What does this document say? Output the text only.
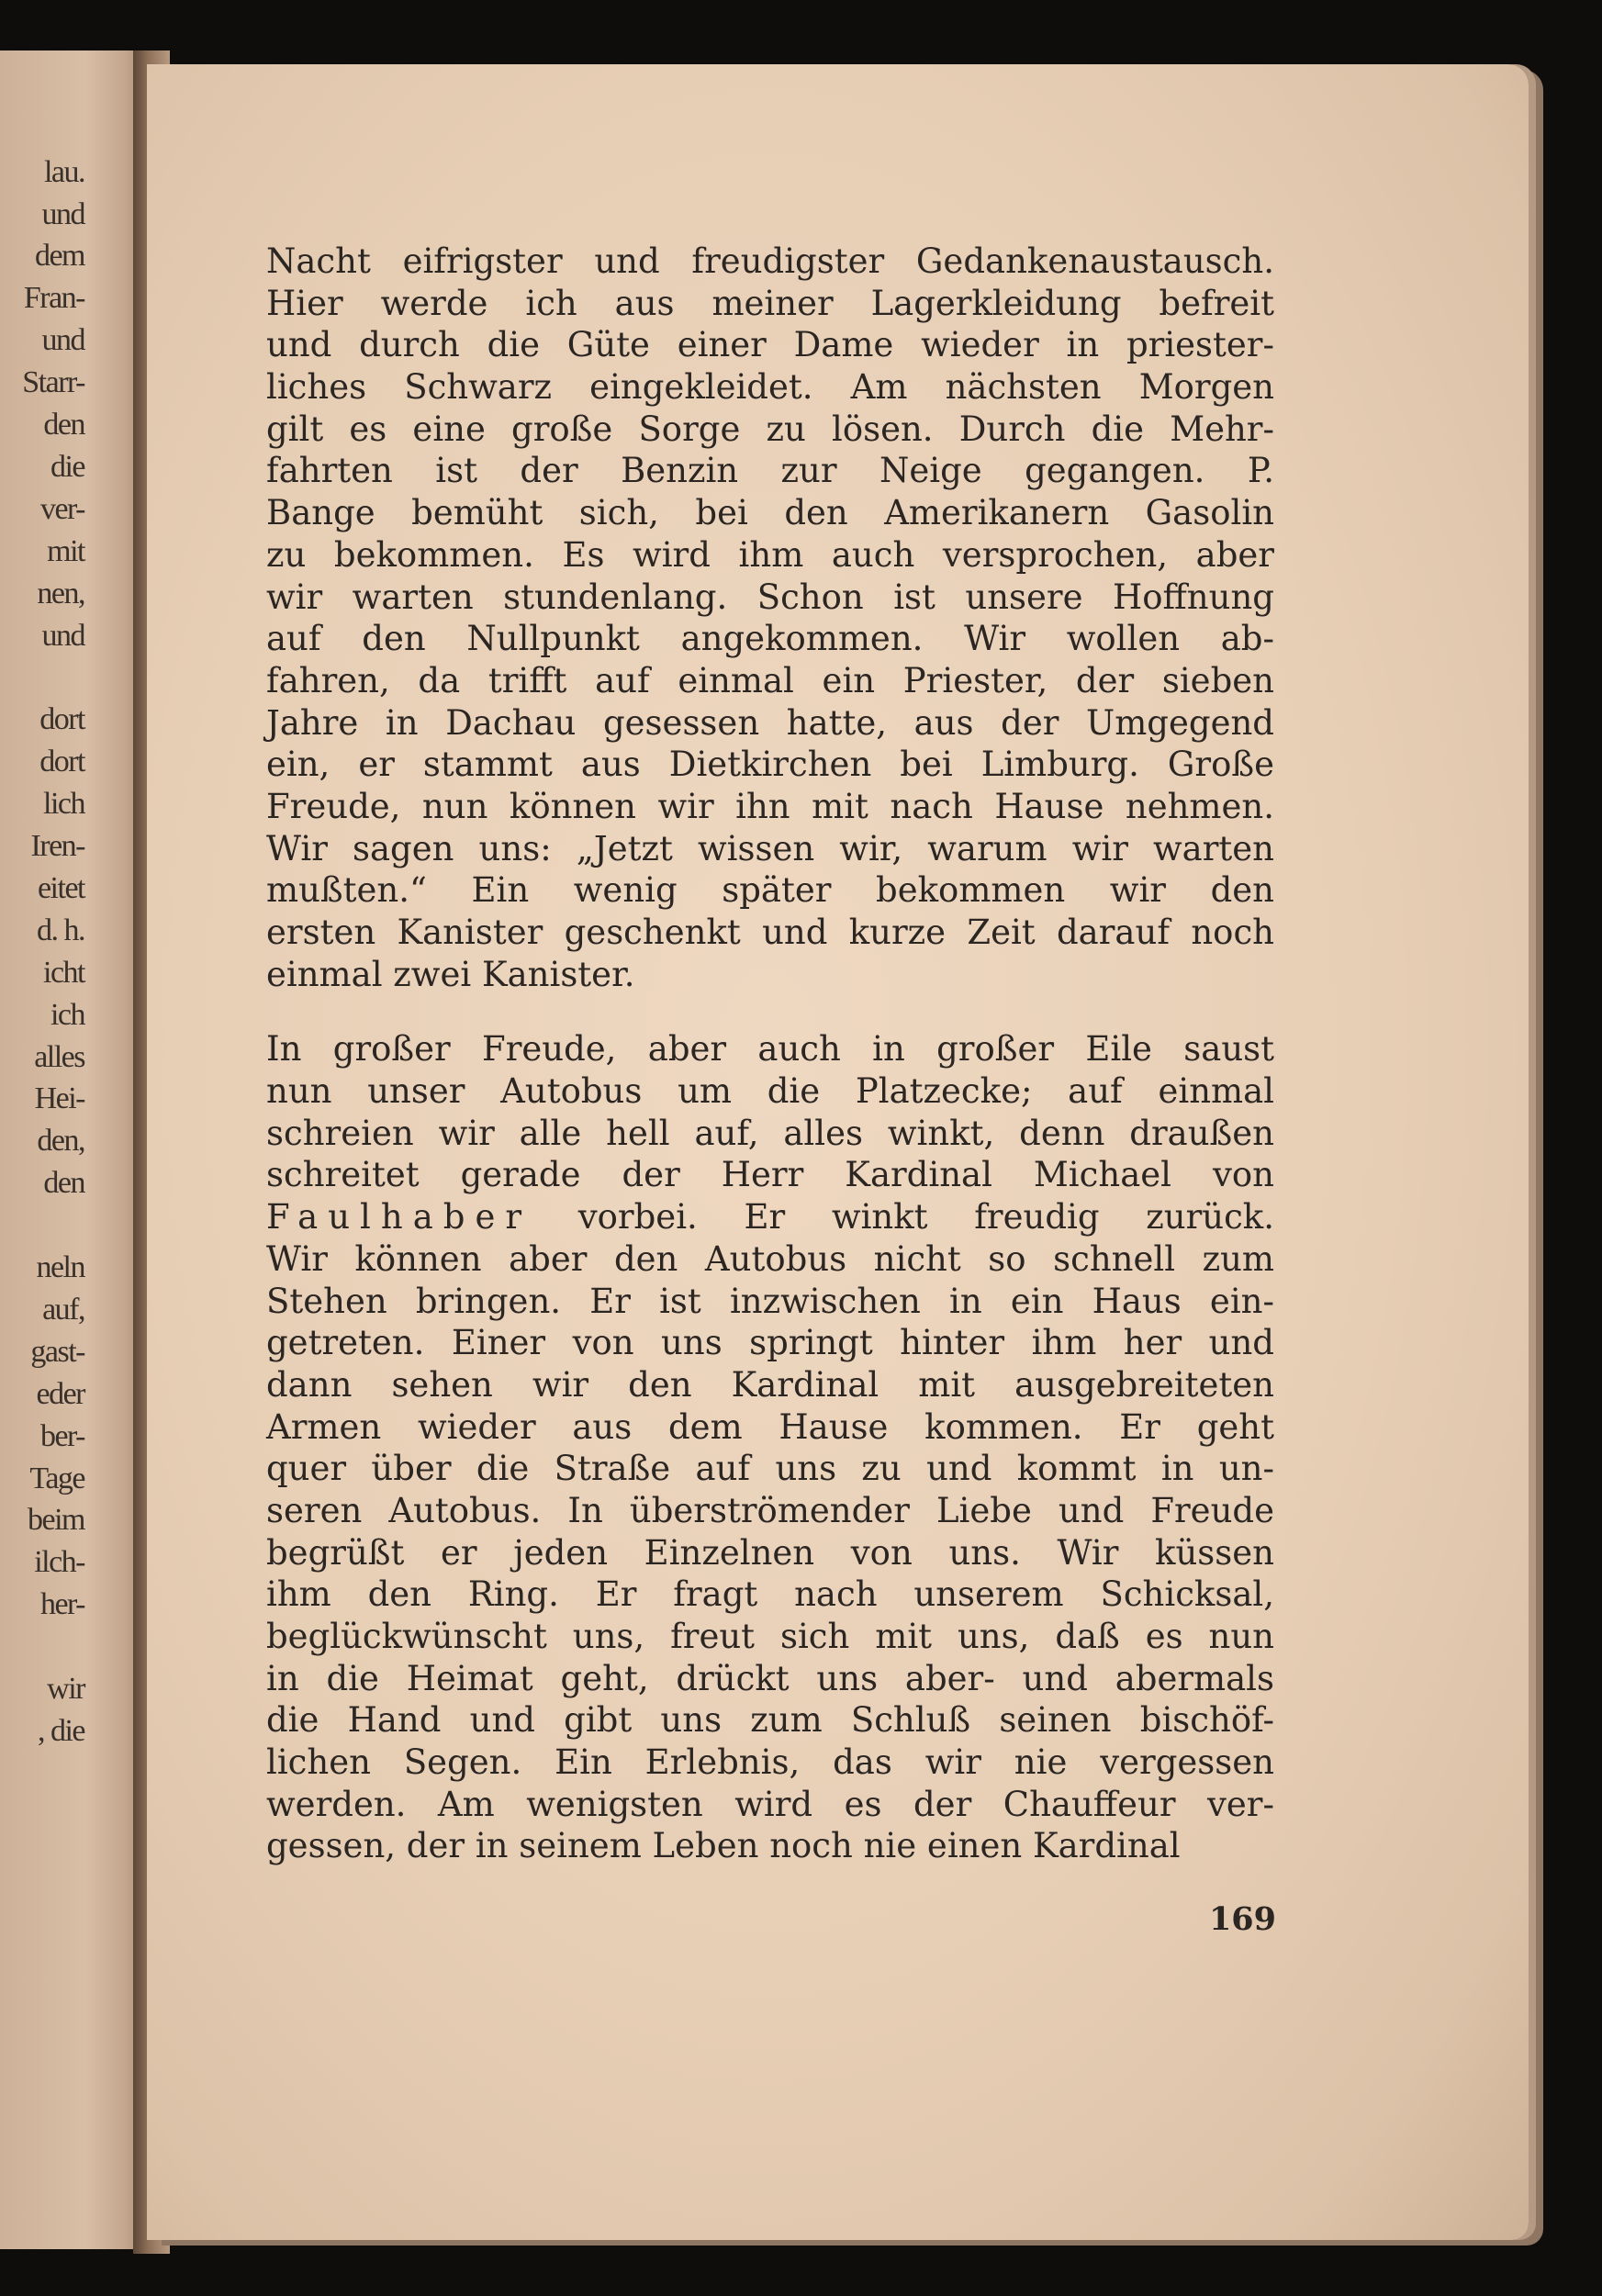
lau.
und
dem
Fran-
und
Starr-
den
die
ver-
mit
nen,
und
dort
dort
lich
Iren-
eitet
d. h.
icht
ich
alles
Hei-
den,
den
neln
auf,
gast-
eder
ber-
Tage
beim
ilch-
her-
wir
, die
Nacht eifrigster und freudigster Gedankenaustausch.
Hier werde ich aus meiner Lagerkleidung befreit
und durch die Güte einer Dame wieder in priester-
liches Schwarz eingekleidet. Am nächsten Morgen
gilt es eine große Sorge zu lösen. Durch die Mehr-
fahrten ist der Benzin zur Neige gegangen. P.
Bange bemüht sich, bei den Amerikanern Gasolin
zu bekommen. Es wird ihm auch versprochen, aber
wir warten stundenlang. Schon ist unsere Hoffnung
auf den Nullpunkt angekommen. Wir wollen ab-
fahren, da trifft auf einmal ein Priester, der sieben
Jahre in Dachau gesessen hatte, aus der Umgegend
ein, er stammt aus Dietkirchen bei Limburg. Große
Freude, nun können wir ihn mit nach Hause nehmen.
Wir sagen uns: „Jetzt wissen wir, warum wir warten
mußten.“ Ein wenig später bekommen wir den
ersten Kanister geschenkt und kurze Zeit darauf noch
einmal zwei Kanister.
In großer Freude, aber auch in großer Eile saust
nun unser Autobus um die Platzecke; auf einmal
schreien wir alle hell auf, alles winkt, denn draußen
schreitet gerade der Herr Kardinal Michael von
Faulhaber vorbei. Er winkt freudig zurück.
Wir können aber den Autobus nicht so schnell zum
Stehen bringen. Er ist inzwischen in ein Haus ein-
getreten. Einer von uns springt hinter ihm her und
dann sehen wir den Kardinal mit ausgebreiteten
Armen wieder aus dem Hause kommen. Er geht
quer über die Straße auf uns zu und kommt in un-
seren Autobus. In überströmender Liebe und Freude
begrüßt er jeden Einzelnen von uns. Wir küssen
ihm den Ring. Er fragt nach unserem Schicksal,
beglückwünscht uns, freut sich mit uns, daß es nun
in die Heimat geht, drückt uns aber- und abermals
die Hand und gibt uns zum Schluß seinen bischöf-
lichen Segen. Ein Erlebnis, das wir nie vergessen
werden. Am wenigsten wird es der Chauffeur ver-
gessen, der in seinem Leben noch nie einen Kardinal
169
